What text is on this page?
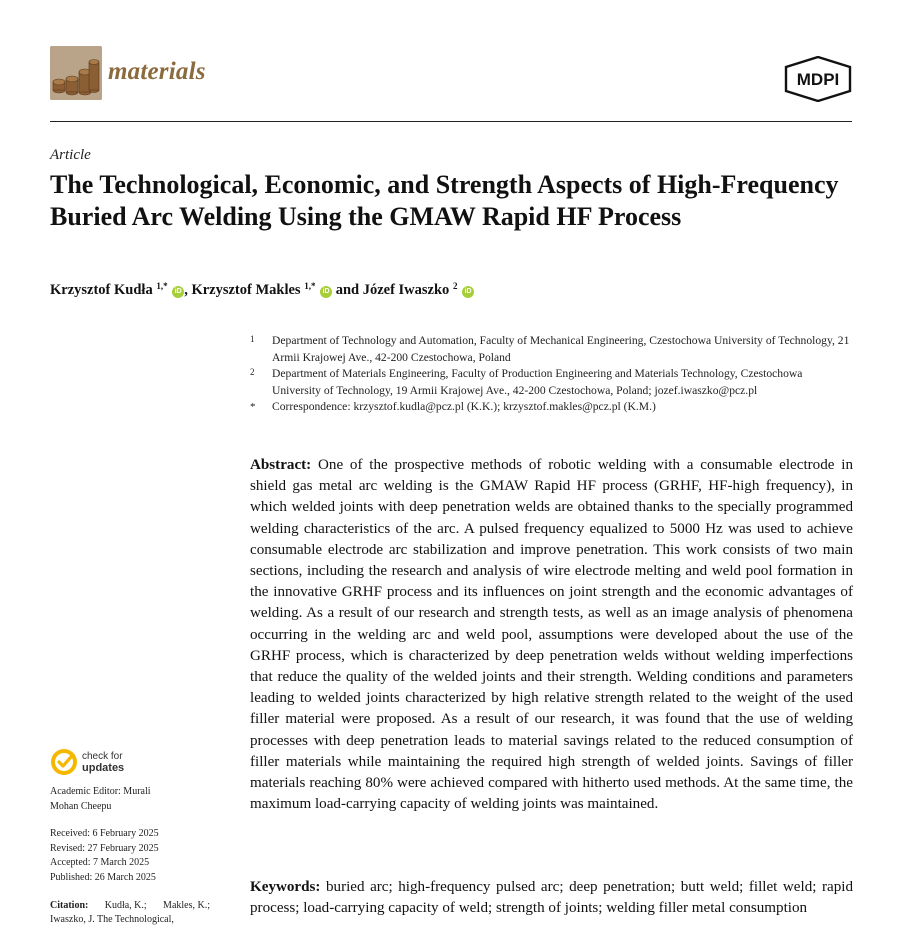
materials	MDPI
Article
The Technological, Economic, and Strength Aspects of High-Frequency Buried Arc Welding Using the GMAW Rapid HF Process
Krzysztof Kudła $^{1,*}$ iD , Krzysztof Makles $^{1,*}$ iD and Józef Iwaszko $^2$ iD
1 Department of Technology and Automation, Faculty of Mechanical Engineering, Czestochowa University of Technology, 21 Armii Krajowej Ave., 42-200 Czestochowa, Poland
2 Department of Materials Engineering, Faculty of Production Engineering and Materials Technology, Czestochowa University of Technology, 19 Armii Krajowej Ave., 42-200 Czestochowa, Poland; jozef.iwaszko@pcz.pl
* Correspondence: krzysztof.kudla@pcz.pl (K.K.); krzysztof.makles@pcz.pl (K.M.)
Abstract: One of the prospective methods of robotic welding with a consumable electrode in shield gas metal arc welding is the GMAW Rapid HF process (GRHF, HF-high frequency), in which welded joints with deep penetration welds are obtained thanks to the specially programmed welding characteristics of the arc. A pulsed frequency equalized to 5000 Hz was used to achieve consumable electrode arc stabilization and improve penetration. This work consists of two main sections, including the research and analysis of wire electrode melting and weld pool formation in the innovative GRHF process and its influences on joint strength and the economic advantages of welding. As a result of our research and strength tests, as well as an image analysis of phenomena occurring in the welding arc and weld pool, assumptions were developed about the use of the GRHF process, which is characterized by deep penetration welds without welding imperfections that reduce the quality of the welded joints and their strength. Welding conditions and parameters leading to welded joints characterized by high relative strength related to the weight of the used filler material were proposed. As a result of our research, it was found that the use of welding processes with deep penetration leads to material savings related to the reduced consumption of filler materials while maintaining the required high strength of welded joints. Savings of filler materials reaching 80% were achieved compared with hitherto used methods. At the same time, the maximum load-carrying capacity of welding joints was maintained.
Keywords: buried arc; high-frequency pulsed arc; deep penetration; butt weld; fillet weld; rapid process; load-carrying capacity of weld; strength of joints; welding filler metal consumption
check for
updates
Academic Editor: Murali
Mohan Cheepu
Received: 6 February 2025
Revised: 27 February 2025
Accepted: 7 March 2025
Published: 26 March 2025
Citation: Kudła, K.; Makles, K.;
Iwaszko, J. The Technological,
